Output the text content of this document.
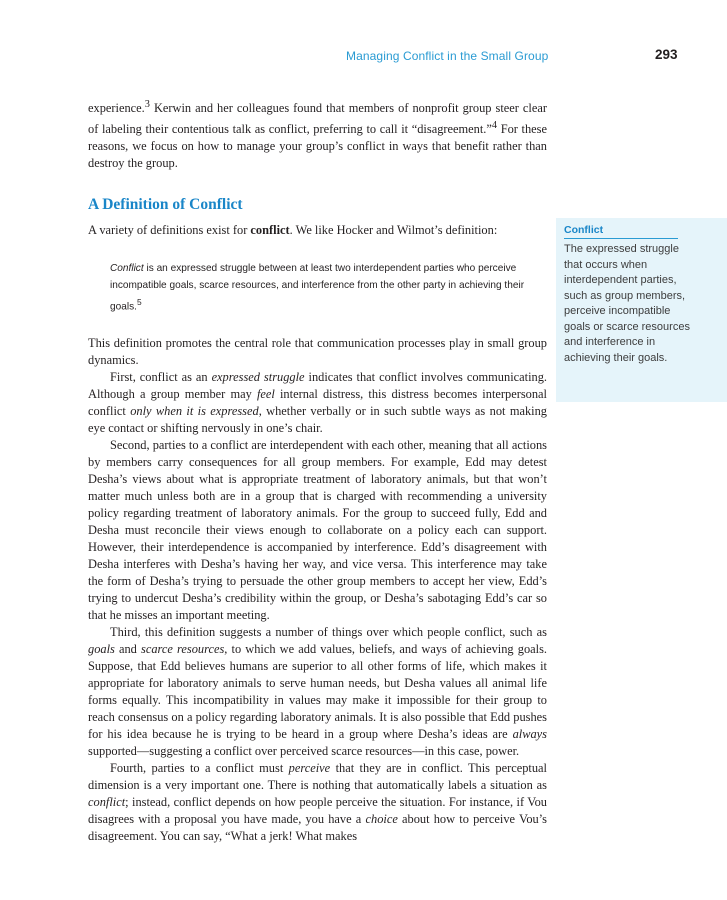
Managing Conflict in the Small Group	293

experience.$^3$ Kerwin and her colleagues found that members of nonprofit group steer clear of labeling their contentious talk as conflict, preferring to call it “disagreement.”$^4$ For these reasons, we focus on how to manage your group’s conflict in ways that benefit rather than destroy the group.

A Definition of Conflict

A variety of definitions exist for conflict. We like Hocker and Wilmot’s definition:

Conflict is an expressed struggle between at least two interdependent parties who perceive incompatible goals, scarce resources, and interference from the other party in achieving their goals.$^5$

This definition promotes the central role that communication processes play in small group dynamics.

First, conflict as an expressed struggle indicates that conflict involves communicating. Although a group member may feel internal distress, this distress becomes interpersonal conflict only when it is expressed, whether verbally or in such subtle ways as not making eye contact or shifting nervously in one’s chair.

Second, parties to a conflict are interdependent with each other, meaning that all actions by members carry consequences for all group members. For example, Edd may detest Desha’s views about what is appropriate treatment of laboratory animals, but that won’t matter much unless both are in a group that is charged with recommending a university policy regarding treatment of laboratory animals. For the group to succeed fully, Edd and Desha must reconcile their views enough to collaborate on a policy each can support. However, their interdependence is accompanied by interference. Edd’s disagreement with Desha interferes with Desha’s having her way, and vice versa. This interference may take the form of Desha’s trying to persuade the other group members to accept her view, Edd’s trying to undercut Desha’s credibility within the group, or Desha’s sabotaging Edd’s car so that he misses an important meeting.

Third, this definition suggests a number of things over which people conflict, such as goals and scarce resources, to which we add values, beliefs, and ways of achieving goals. Suppose, that Edd believes humans are superior to all other forms of life, which makes it appropriate for laboratory animals to serve human needs, but Desha values all animal life forms equally. This incompatibility in values may make it impossible for their group to reach consensus on a policy regarding laboratory animals. It is also possible that Edd pushes for his idea because he is trying to be heard in a group where Desha’s ideas are always supported—suggesting a conflict over perceived scarce resources—in this case, power.

Fourth, parties to a conflict must perceive that they are in conflict. This perceptual dimension is a very important one. There is nothing that automatically labels a situation as conflict; instead, conflict depends on how people perceive the situation. For instance, if Vou disagrees with a proposal you have made, you have a choice about how to perceive Vou’s disagreement. You can say, “What a jerk! What makes

Conflict
The expressed struggle that occurs when interdependent parties, such as group members, perceive incompatible goals or scarce resources and interference in achieving their goals.
